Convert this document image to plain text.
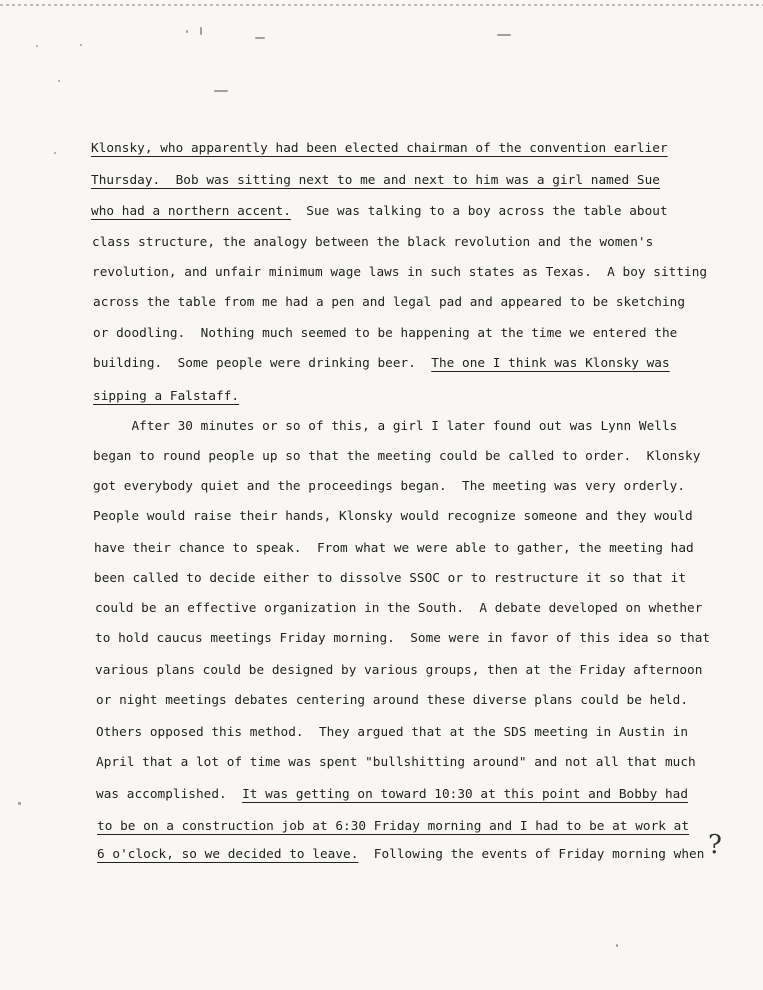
Klonsky, who apparently had been elected chairman of the convention earlier
Thursday.  Bob was sitting next to me and next to him was a girl named Sue
who had a northern accent.  Sue was talking to a boy across the table about
class structure, the analogy between the black revolution and the women's
revolution, and unfair minimum wage laws in such states as Texas.  A boy sitting
across the table from me had a pen and legal pad and appeared to be sketching
or doodling.  Nothing much seemed to be happening at the time we entered the
building.  Some people were drinking beer.  The one I think was Klonsky was
sipping a Falstaff.
After 30 minutes or so of this, a girl I later found out was Lynn Wells
began to round people up so that the meeting could be called to order.  Klonsky
got everybody quiet and the proceedings began.  The meeting was very orderly.
People would raise their hands, Klonsky would recognize someone and they would
have their chance to speak.  From what we were able to gather, the meeting had
been called to decide either to dissolve SSOC or to restructure it so that it
could be an effective organization in the South.  A debate developed on whether
to hold caucus meetings Friday morning.  Some were in favor of this idea so that
various plans could be designed by various groups, then at the Friday afternoon
or night meetings debates centering around these diverse plans could be held.
Others opposed this method.  They argued that at the SDS meeting in Austin in
April that a lot of time was spent "bullshitting around" and not all that much
was accomplished.  It was getting on toward 10:30 at this point and Bobby had
to be on a construction job at 6:30 Friday morning and I had to be at work at
6 o'clock, so we decided to leave.  Following the events of Friday morning when ?
